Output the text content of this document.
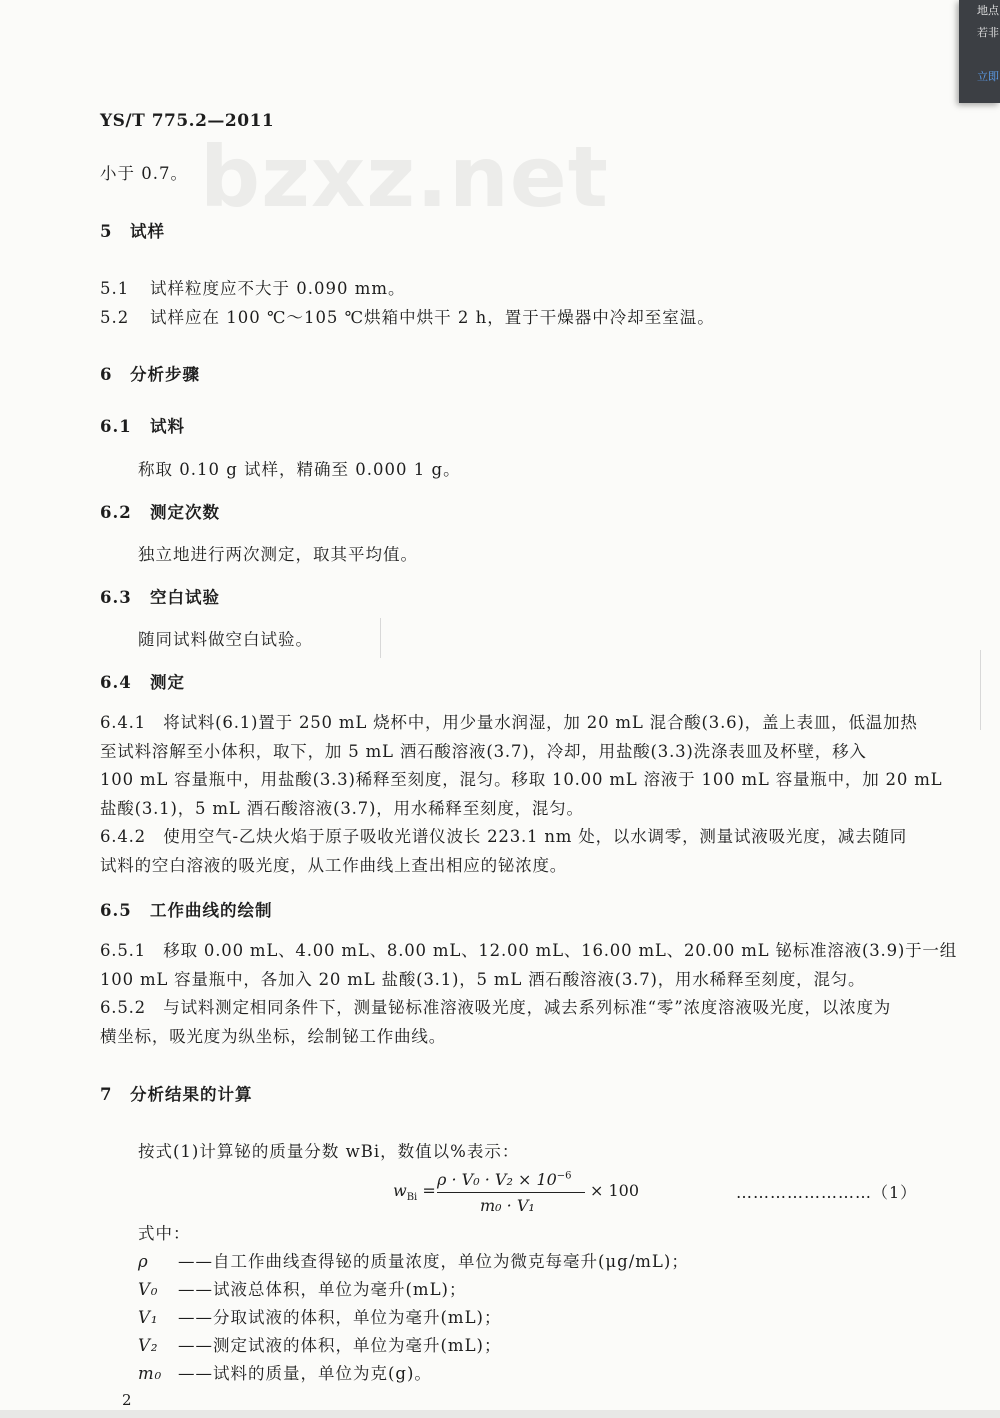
bzxz.net
YS/T 775.2—2011
小于 0.7。
5 试样
5.1 试样粒度应不大于 0.090 mm。
5.2 试样应在 100 ℃～105 ℃烘箱中烘干 2 h，置于干燥器中冷却至室温。
6 分析步骤
6.1 试料
称取 0.10 g 试样，精确至 0.000 1 g。
6.2 测定次数
独立地进行两次测定，取其平均值。
6.3 空白试验
随同试料做空白试验。
6.4 测定
6.4.1　将试料(6.1)置于 250 mL 烧杯中，用少量水润湿，加 20 mL 混合酸(3.6)，盖上表皿，低温加热
至试料溶解至小体积，取下，加 5 mL 酒石酸溶液(3.7)，冷却，用盐酸(3.3)洗涤表皿及杯壁，移入
100 mL 容量瓶中，用盐酸(3.3)稀释至刻度，混匀。移取 10.00 mL 溶液于 100 mL 容量瓶中，加 20 mL
盐酸(3.1)，5 mL 酒石酸溶液(3.7)，用水稀释至刻度，混匀。
6.4.2　使用空气-乙炔火焰于原子吸收光谱仪波长 223.1 nm 处，以水调零，测量试液吸光度，减去随同
试料的空白溶液的吸光度，从工作曲线上查出相应的铋浓度。
6.5 工作曲线的绘制
6.5.1　移取 0.00 mL、4.00 mL、8.00 mL、12.00 mL、16.00 mL、20.00 mL 铋标准溶液(3.9)于一组
100 mL 容量瓶中，各加入 20 mL 盐酸(3.1)，5 mL 酒石酸溶液(3.7)，用水稀释至刻度，混匀。
6.5.2　与试料测定相同条件下，测量铋标准溶液吸光度，减去系列标准“零”浓度溶液吸光度，以浓度为
横坐标，吸光度为纵坐标，绘制铋工作曲线。
7 分析结果的计算
按式(1)计算铋的质量分数 wBi，数值以%表示：
$w_{Bi}$ =
$\rho \cdot V_0 \cdot V_2 \times 10^{-6}$
m₀ · V₁
× 100	……………………（1）
式中：
ρ ——自工作曲线查得铋的质量浓度，单位为微克每毫升(μg/mL)；
V₀ ——试液总体积，单位为毫升(mL)；
V₁ ——分取试液的体积，单位为毫升(mL)；
V₂ ——测定试液的体积，单位为毫升(mL)；
m₀ ——试料的质量，单位为克(g)。
2
地点
若非
立即
